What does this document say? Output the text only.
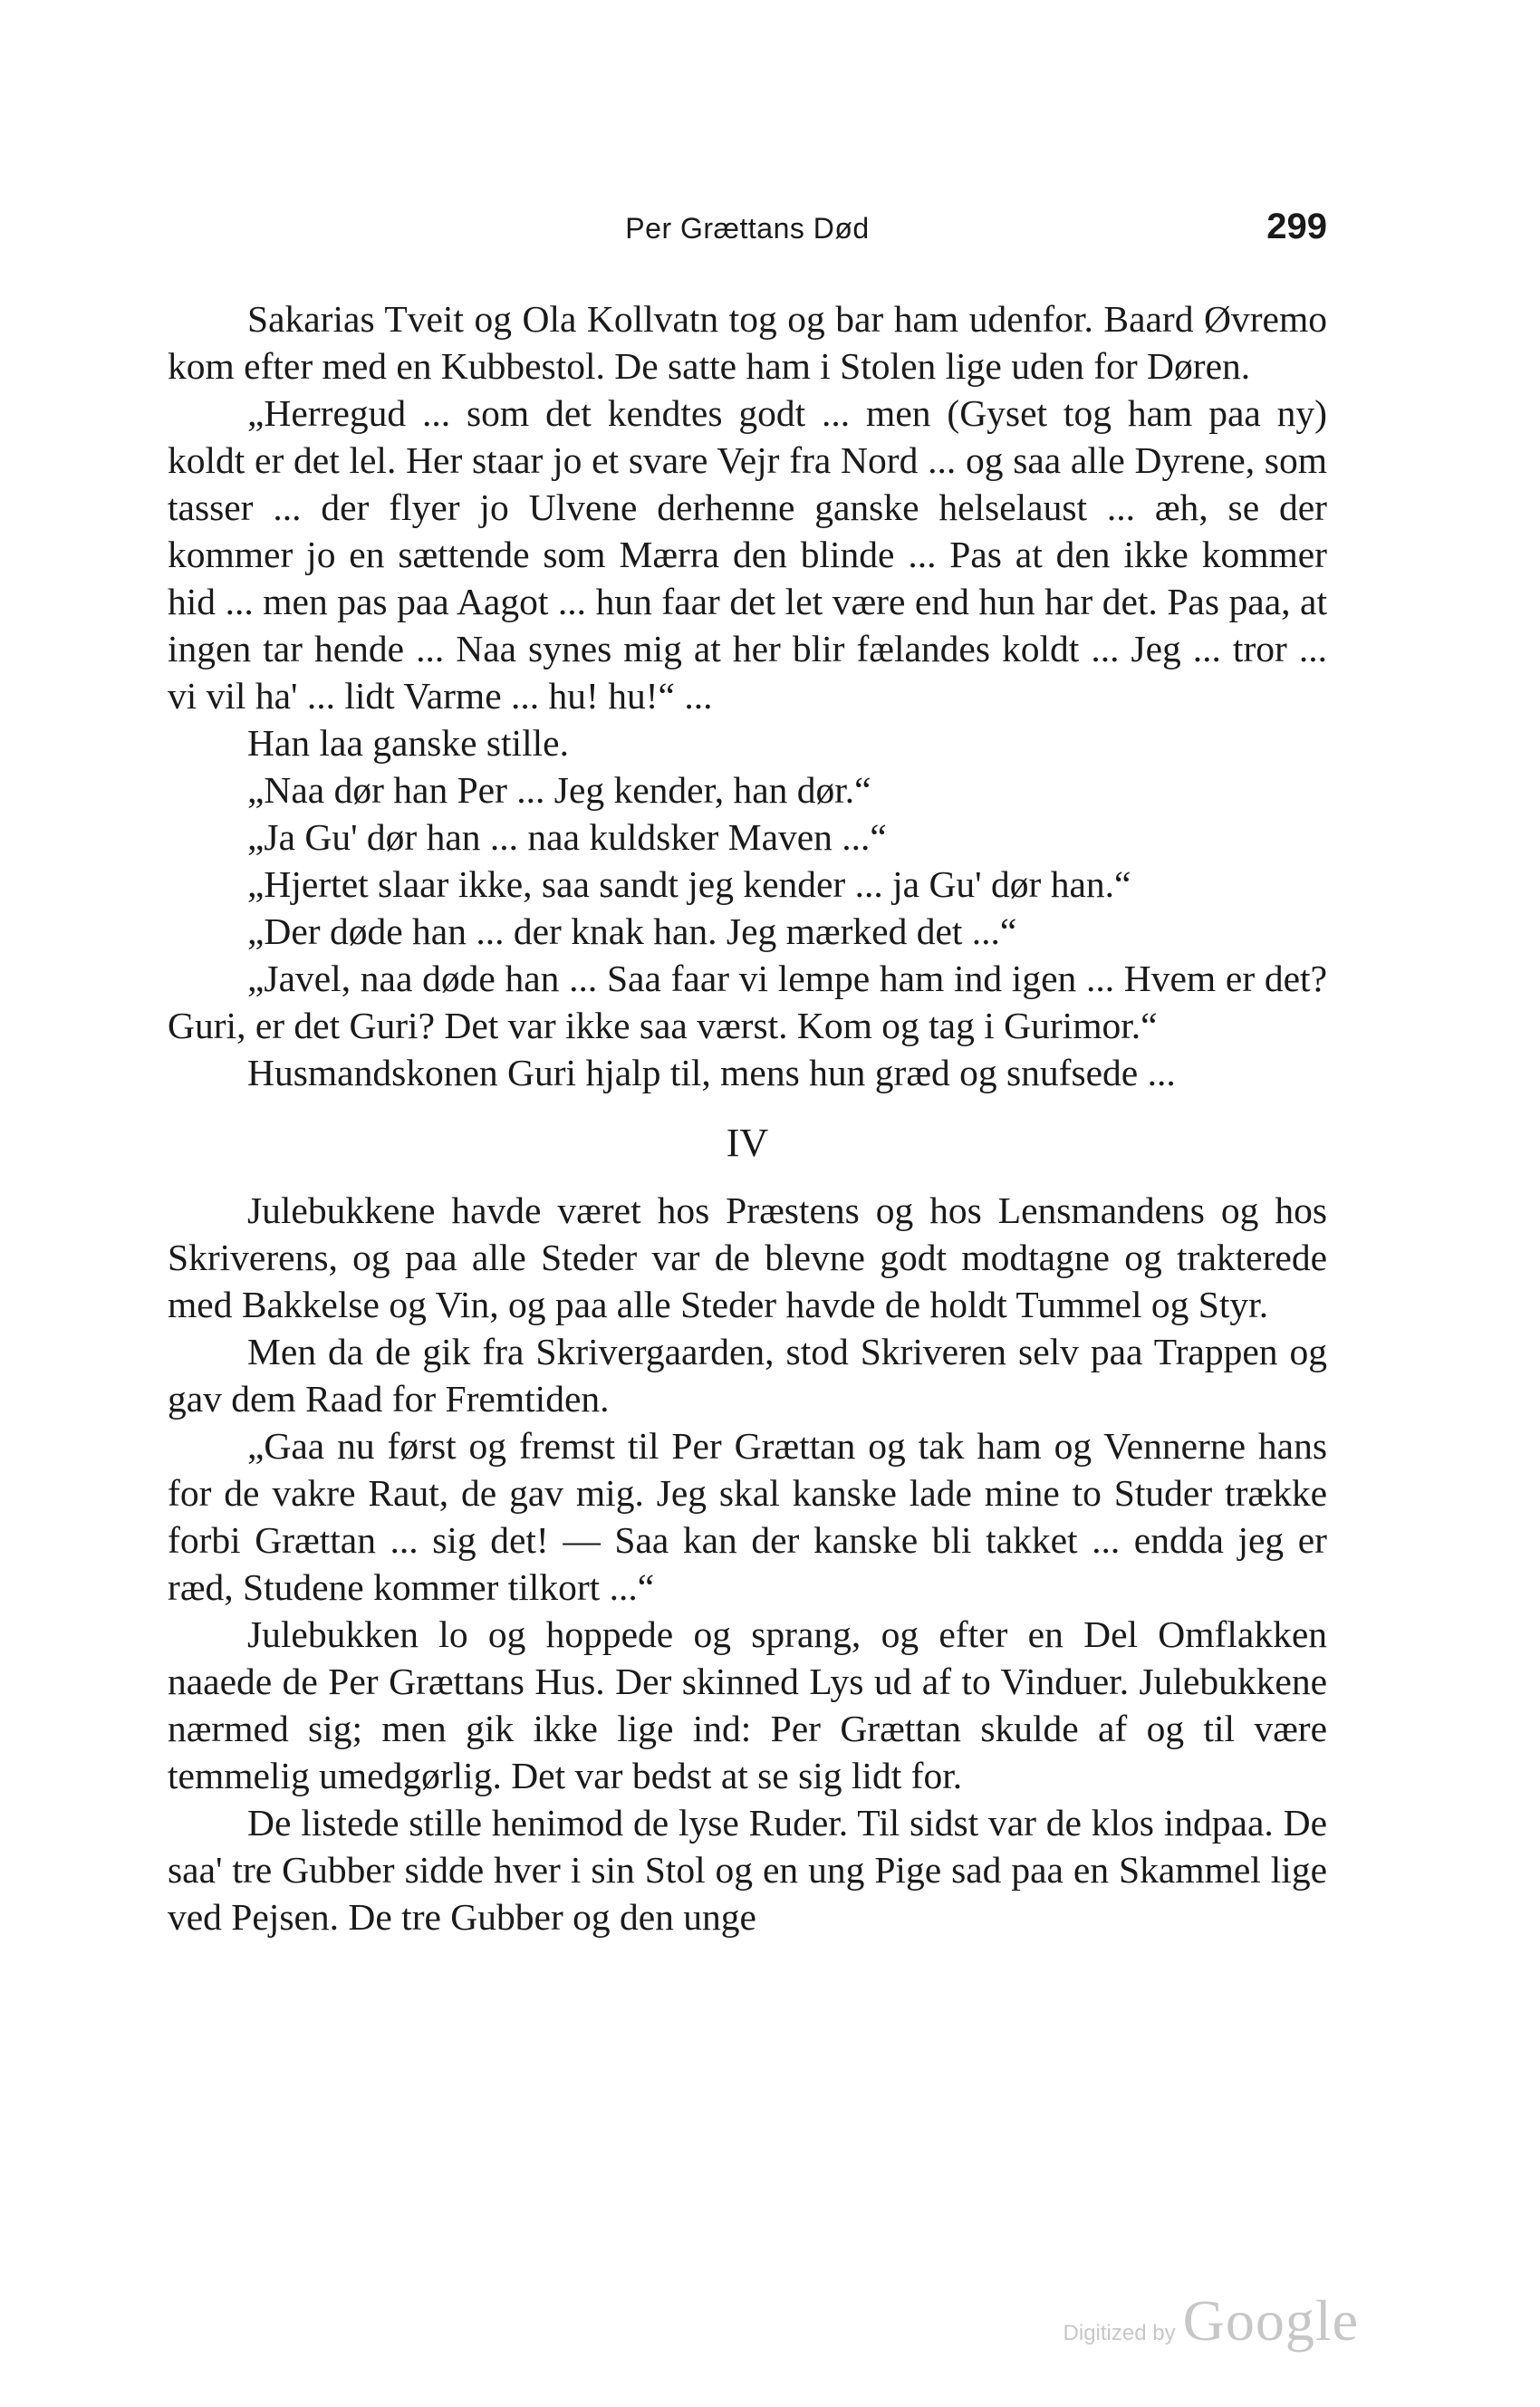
Per Grættans Død	299

Sakarias Tveit og Ola Kollvatn tog og bar ham udenfor. Baard Øvremo kom efter med en Kubbestol. De satte ham i Stolen lige uden for Døren.

„Herregud ... som det kendtes godt ... men (Gyset tog ham paa ny) koldt er det lel. Her staar jo et svare Vejr fra Nord ... og saa alle Dyrene, som tasser ... der flyer jo Ulvene derhenne ganske helselaust ... æh, se der kommer jo en sættende som Mærra den blinde ... Pas at den ikke kommer hid ... men pas paa Aagot ... hun faar det let være end hun har det. Pas paa, at ingen tar hende ... Naa synes mig at her blir fælandes koldt ... Jeg ... tror ... vi vil ha' ... lidt Varme ... hu! hu!“ ...

Han laa ganske stille.

„Naa dør han Per ... Jeg kender, han dør.“

„Ja Gu' dør han ... naa kuldsker Maven ...“

„Hjertet slaar ikke, saa sandt jeg kender ... ja Gu' dør han.“

„Der døde han ... der knak han. Jeg mærked det ...“

„Javel, naa døde han ... Saa faar vi lempe ham ind igen ... Hvem er det? Guri, er det Guri? Det var ikke saa værst. Kom og tag i Gurimor.“

Husmandskonen Guri hjalp til, mens hun græd og snufsede ...

IV

Julebukkene havde været hos Præstens og hos Lensmandens og hos Skriverens, og paa alle Steder var de blevne godt modtagne og trakterede med Bakkelse og Vin, og paa alle Steder havde de holdt Tummel og Styr.

Men da de gik fra Skrivergaarden, stod Skriveren selv paa Trappen og gav dem Raad for Fremtiden.

„Gaa nu først og fremst til Per Grættan og tak ham og Vennerne hans for de vakre Raut, de gav mig. Jeg skal kanske lade mine to Studer trække forbi Grættan ... sig det! — Saa kan der kanske bli takket ... endda jeg er ræd, Studene kommer tilkort ...“

Julebukken lo og hoppede og sprang, og efter en Del Omflakken naaede de Per Grættans Hus. Der skinned Lys ud af to Vinduer. Julebukkene nærmed sig; men gik ikke lige ind: Per Grættan skulde af og til være temmelig umedgørlig. Det var bedst at se sig lidt for.

De listede stille henimod de lyse Ruder. Til sidst var de klos indpaa. De saa' tre Gubber sidde hver i sin Stol og en ung Pige sad paa en Skammel lige ved Pejsen. De tre Gubber og den unge

Digitized by Google
